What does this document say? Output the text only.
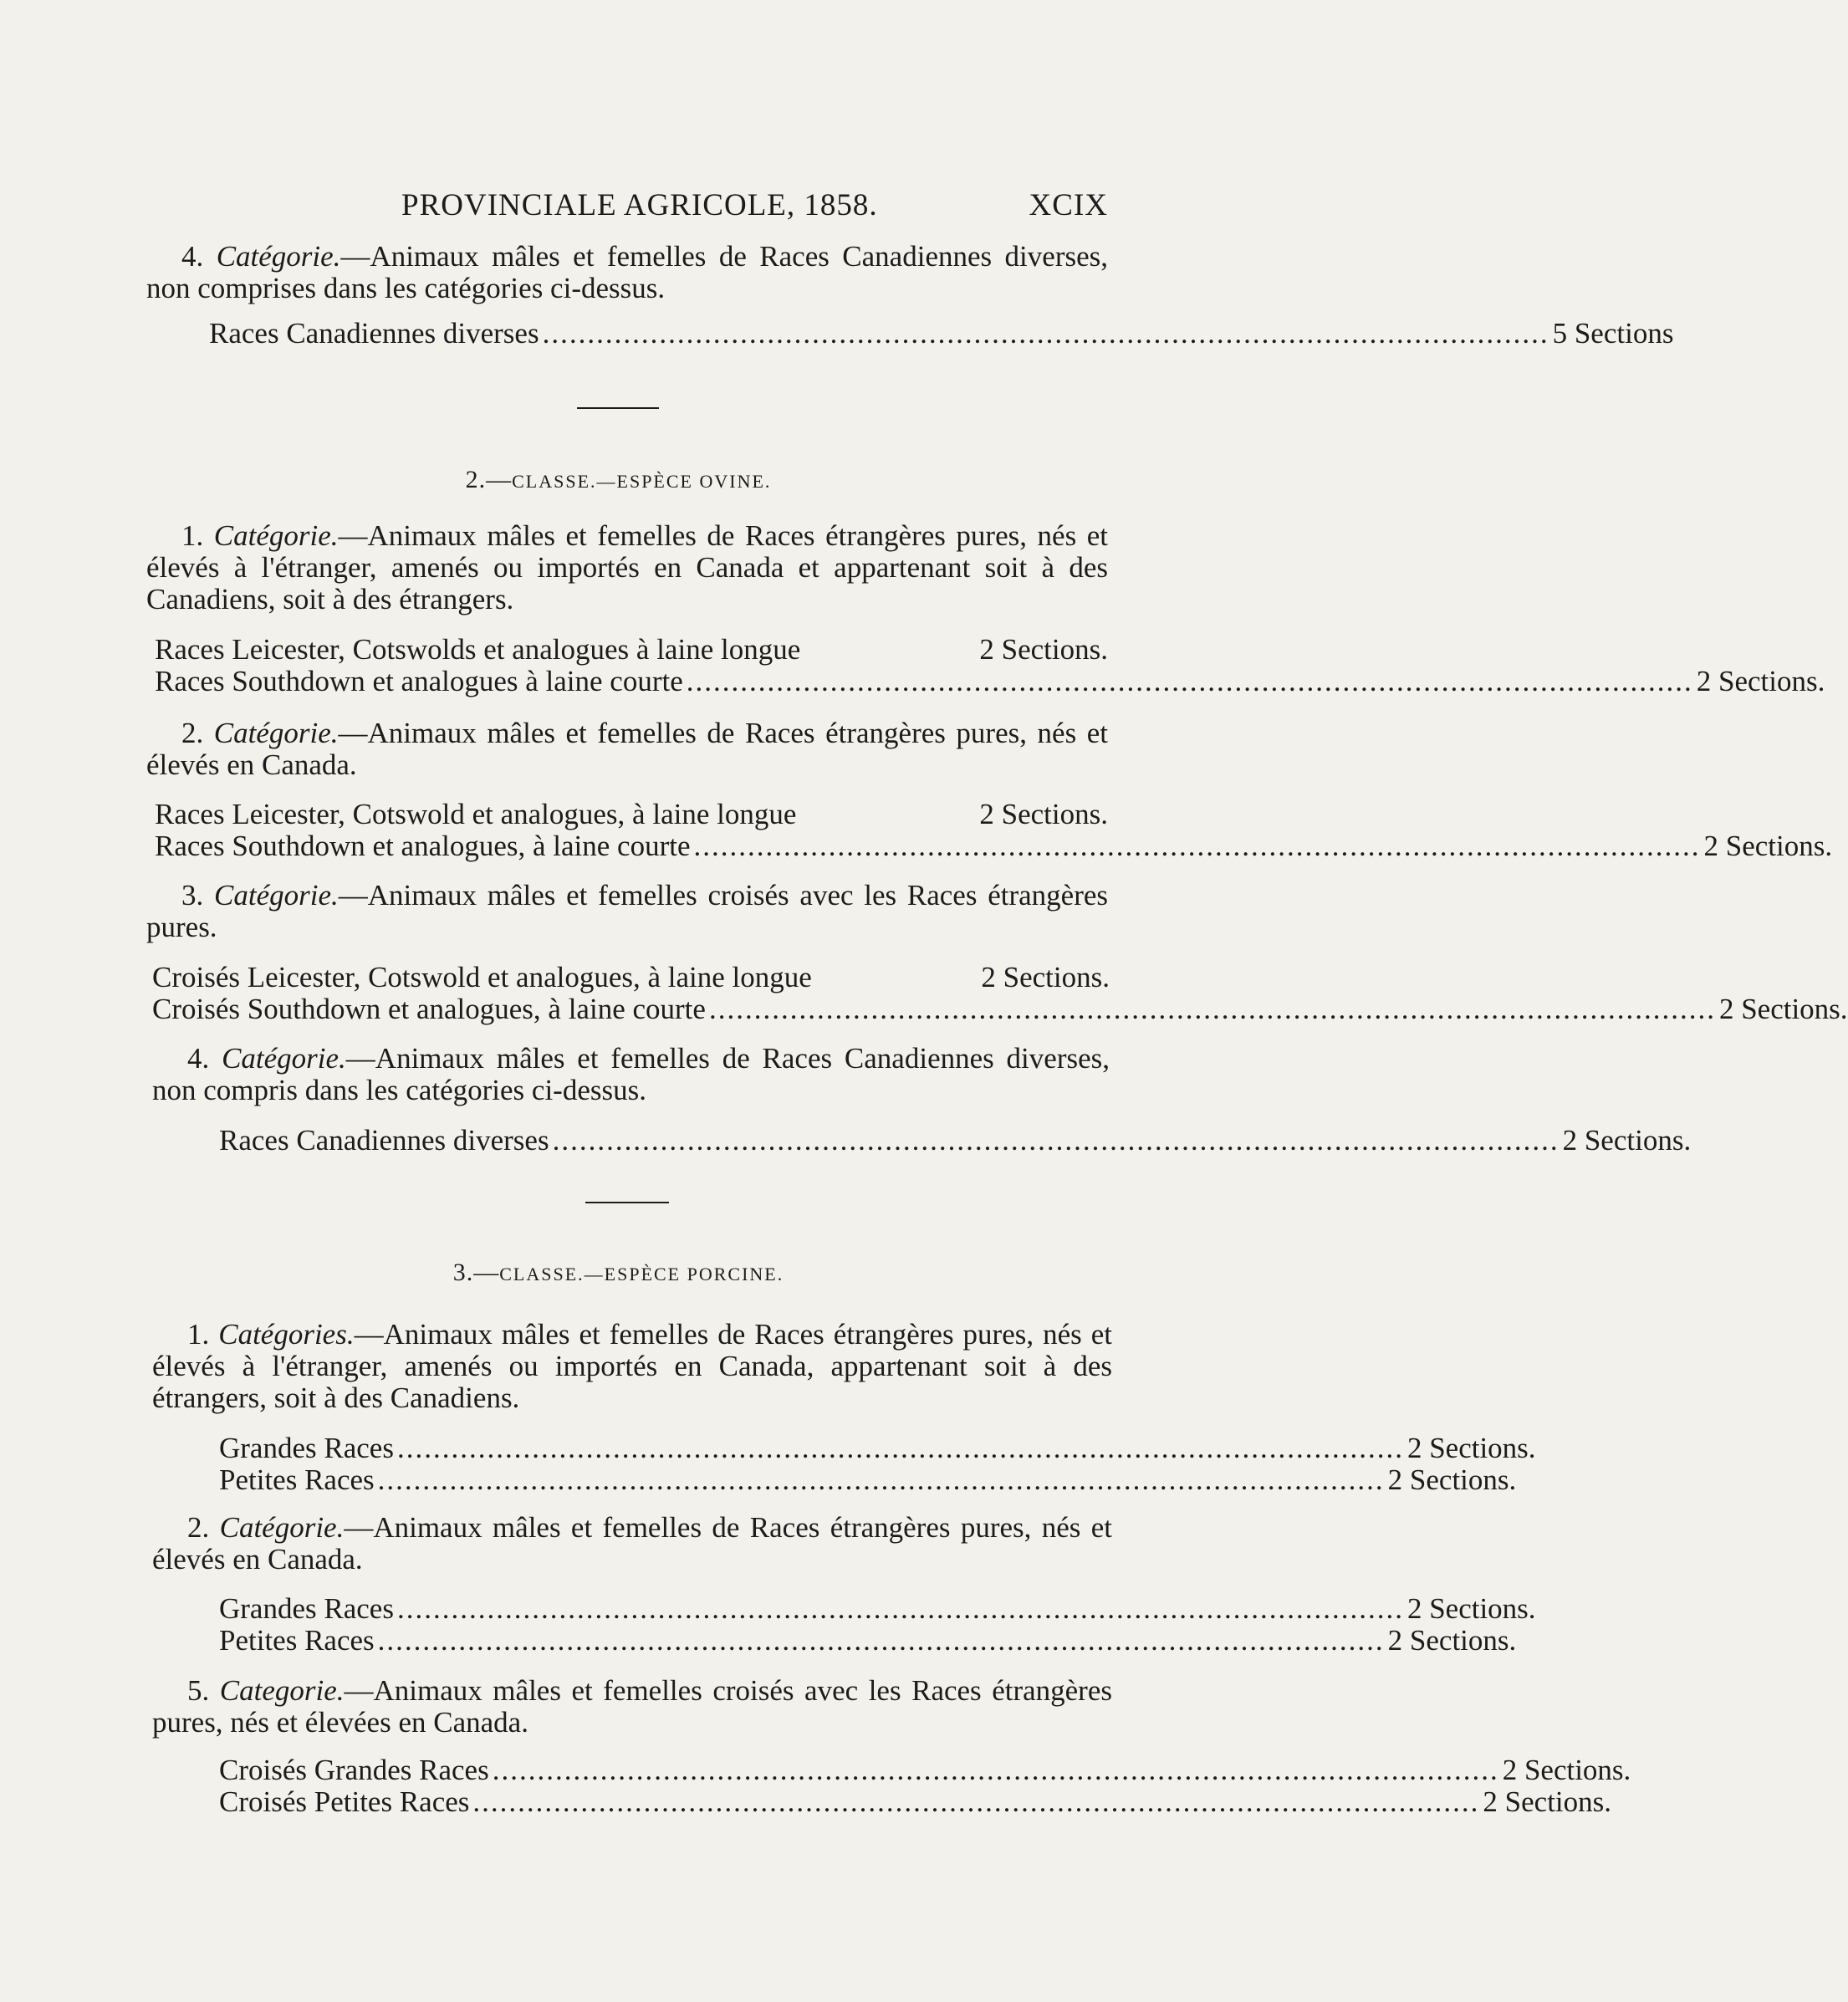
PROVINCIALE AGRICOLE, 1858.	XCIX

4. Catégorie.—Animaux mâles et femelles de Races Canadiennes diverses, non comprises dans les catégories ci-dessus.

Races Canadiennes diverses ................................................................................................................ 5 Sections
2.—CLASSE.—ESPÈCE OVINE.

1. Catégorie.—Animaux mâles et femelles de Races étrangères pures, nés et élevés à l'étranger, amenés ou importés en Canada et appartenant soit à des Canadiens, soit à des étrangers.

Races Leicester, Cotswolds et analogues à laine longue	2 Sections.
Races Southdown et analogues à laine courte ................................................................................................................ 2 Sections.

2. Catégorie.—Animaux mâles et femelles de Races étrangères pures, nés et élevés en Canada.

Races Leicester, Cotswold et analogues, à laine longue	2 Sections.
Races Southdown et analogues, à laine courte ................................................................................................................ 2 Sections.

3. Catégorie.—Animaux mâles et femelles croisés avec les Races étrangères pures.

Croisés Leicester, Cotswold et analogues, à laine longue	2 Sections.
Croisés Southdown et analogues, à laine courte ................................................................................................................ 2 Sections.

4. Catégorie.—Animaux mâles et femelles de Races Canadiennes diverses, non compris dans les catégories ci-dessus.

Races Canadiennes diverses ................................................................................................................ 2 Sections.
3.—CLASSE.—ESPÈCE PORCINE.

1. Catégories.—Animaux mâles et femelles de Races étrangères pures, nés et élevés à l'étranger, amenés ou importés en Canada, appartenant soit à des étrangers, soit à des Canadiens.

Grandes Races ................................................................................................................ 2 Sections.
Petites Races ................................................................................................................ 2 Sections.

2. Catégorie.—Animaux mâles et femelles de Races étrangères pures, nés et élevés en Canada.

Grandes Races ................................................................................................................ 2 Sections.
Petites Races ................................................................................................................ 2 Sections.

5. Categorie.—Animaux mâles et femelles croisés avec les Races étrangères pures, nés et élevées en Canada.

Croisés Grandes Races ................................................................................................................ 2 Sections.
Croisés Petites Races ................................................................................................................ 2 Sections.
